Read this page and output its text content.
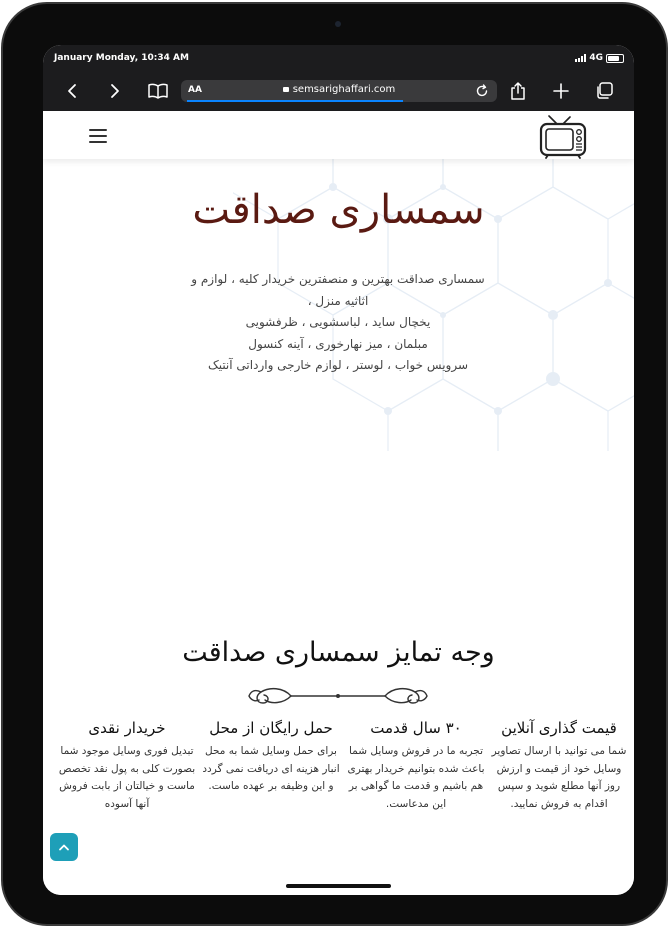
January Monday, 10:34 AM	4G
AA	semsarighaffari.com
سمساری صداقت

سمساری صداقت بهترین و منصفترین خریدار کلیه ، لوازم و

اثاثیه منزل ،

یخچال ساید ، لباسشویی ، ظرفشویی

مبلمان ، میز نهارخوری ، آینه کنسول

سرویس خواب ، لوستر ، لوازم خارجی وارداتی آنتیک

وجه تمایز سمساری صداقت
قیمت گذاری آنلاین
شما می توانید با ارسال تصاویر وسایل خود از قیمت و ارزش روز آنها مطلع شوید و سپس اقدام به فروش نمایید.
۳۰ سال قدمت
تجربه ما در فروش وسایل شما باعث شده بتوانیم خریدار بهتری هم باشیم و قدمت ما گواهی بر این مدعاست.
حمل رایگان از محل
برای حمل وسایل شما به محل انبار هزینه ای دریافت نمی گردد و این وظیفه بر عهده ماست.
خریدار نقدی
تبدیل فوری وسایل موجود شما بصورت کلی به پول نقد تخصص ماست و خیالتان از بابت فروش آنها آسوده
